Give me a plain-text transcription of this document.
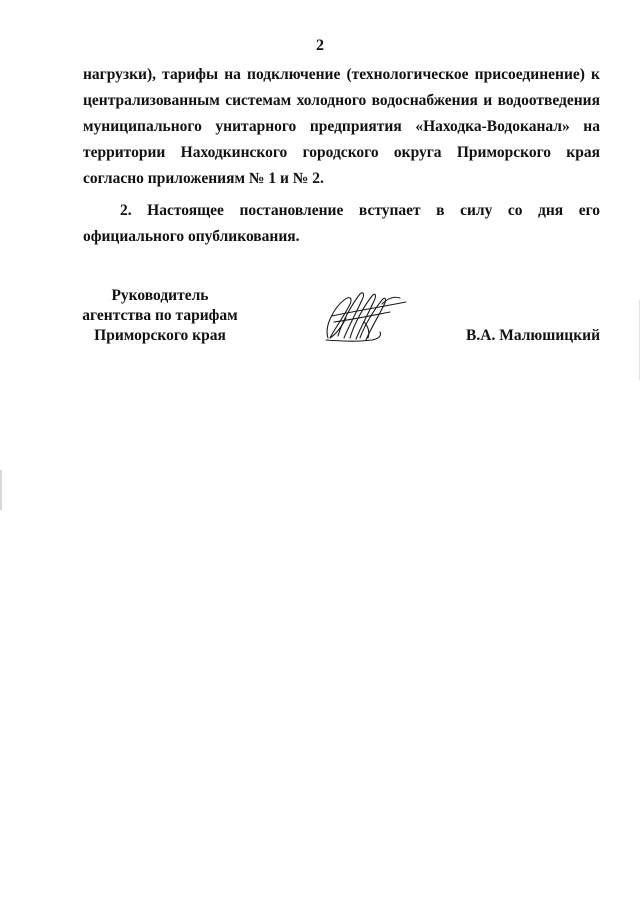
2

нагрузки), тарифы на подключение (технологическое присоединение) к централизованным системам холодного водоснабжения и водоотведения муниципального унитарного предприятия «Находка-Водоканал» на территории Находкинского городского округа Приморского края согласно приложениям № 1 и № 2.

2. Настоящее постановление вступает в силу со дня его официального опубликования.

Руководитель
агентства по тарифам
Приморского края	В.А. Малюшицкий
